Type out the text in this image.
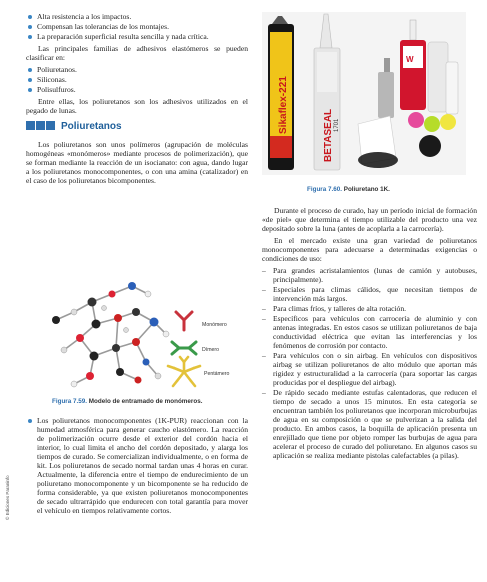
Alta resistencia a los impactos.
Compensan las tolerancias de los montajes.
La preparación superficial resulta sencilla y nada crítica.

Las principales familias de adhesivos elastómeros se pueden clasificar en:

Poliuretanos.
Siliconas.
Polisulfuros.

Entre ellas, los poliuretanos son los adhesivos utilizados en el pegado de lunas.

Poliuretanos

Los poliuretanos son unos polímeros (agrupación de moléculas homogéneas «monómeros» mediante procesos de polimerización), que se forman mediante la reacción de un isocianato: con agua, dando lugar a los poliuretanos monocomponentes, o con una amina (catalizador) en el caso de los poliuretanos bicomponentes.

Monómero
Dímero
Pentámero
Figura 7.59. Modelo de entramado de monómeros.
Los poliuretanos monocomponentes (1K-PUR) reaccionan con la humedad atmosférica para generar caucho elastómero. La reacción de polimerización ocurre desde el exterior del cordón hacia el interior, lo cual limita el ancho del cordón depositado, y alarga los tiempos de curado. Se comercializan individualmente, o en forma de kit. Los poliuretanos de secado normal tardan unas 4 horas en curar. Actualmente, la diferencia entre el tiempo de endurecimiento de un poliuretano monocomponente y un bicomponente se ha reducido de forma considerable, ya que existen poliuretanos monocomponentes de secado ultrarrápido que endurecen con total garantía para mover el vehículo en tiempos relativamente cortos.
Sikaflex-221
BETASEAL 1701
W
Figura 7.60. Poliuretano 1K.

Durante el proceso de curado, hay un período inicial de formación «de piel» que determina el tiempo utilizable del producto una vez depositado sobre la luna (antes de acoplarla a la carrocería).

En el mercado existe una gran variedad de poliuretanos monocomponentes para adecuarse a determinadas exigencias o condiciones de uso:

– Para grandes acristalamientos (lunas de camión y autobuses, principalmente).
– Especiales para climas cálidos, que necesitan tiempos de intervención más largos.
– Para climas fríos, y talleres de alta rotación.
– Específicos para vehículos con carrocería de aluminio y con antenas integradas. En estos casos se utilizan poliuretanos de baja conductividad eléctrica que evitan las interferencias y los fenómenos de corrosión por contacto.
– Para vehículos con o sin airbag. En vehículos con dispositivos airbag se utilizan poliuretanos de alto módulo que aportan más rigidez y estructuralidad a la carrocería (para soportar las cargas producidas por el despliegue del airbag).
– De rápido secado mediante estufas calentadoras, que reducen el tiempo de secado a unos 15 minutos. En esta categoría se encuentran también los poliuretanos que incorporan microburbujas de agua en su composición o que se pulverizan a la salida del producto. En ambos casos, la boquilla de aplicación presenta un enrejillado que tiene por objeto romper las burbujas de agua para acelerar el proceso de curado del poliuretano. En algunos casos su aplicación se realiza mediante pistolas calefactables (a pilas).
© Ediciones Paraninfo
